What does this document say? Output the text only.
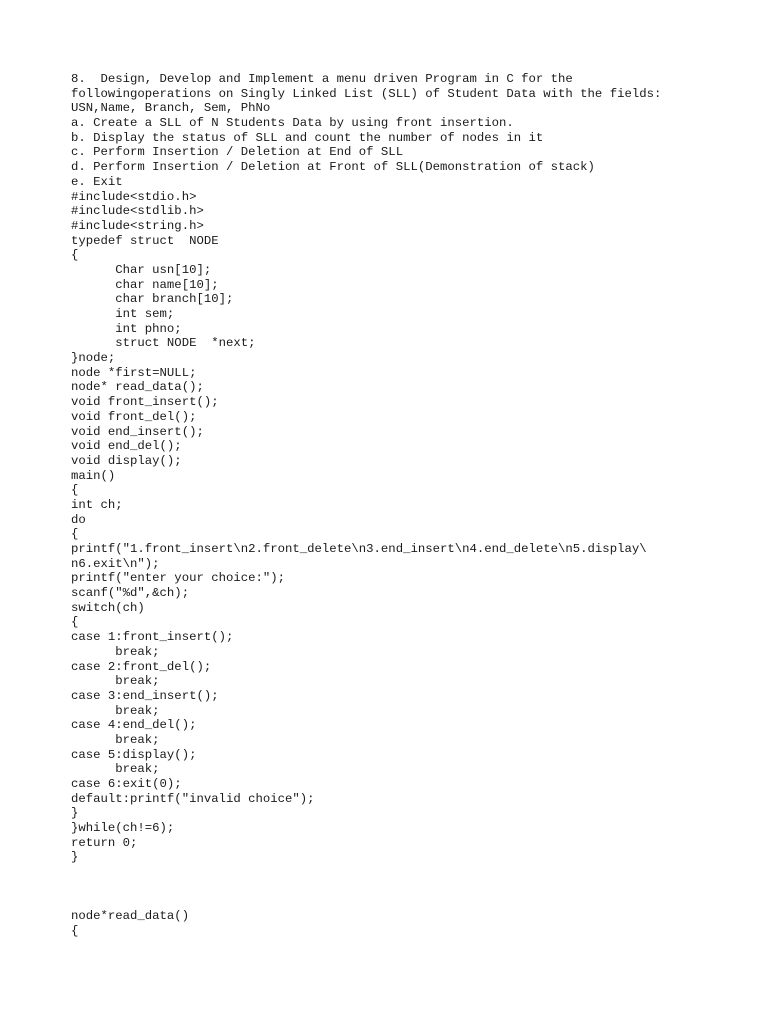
8.  Design, Develop and Implement a menu driven Program in C for the
followingoperations on Singly Linked List (SLL) of Student Data with the fields:
USN,Name, Branch, Sem, PhNo
a. Create a SLL of N Students Data by using front insertion.
b. Display the status of SLL and count the number of nodes in it
c. Perform Insertion / Deletion at End of SLL
d. Perform Insertion / Deletion at Front of SLL(Demonstration of stack)
e. Exit
#include<stdio.h>
#include<stdlib.h>
#include<string.h>
typedef struct  NODE
{
Char usn[10];
char name[10];
char branch[10];
int sem;
int phno;
struct NODE  *next;
}node;
node *first=NULL;
node* read_data();
void front_insert();
void front_del();
void end_insert();
void end_del();
void display();
main()
{
int ch;
do
{
printf("1.front_insert\n2.front_delete\n3.end_insert\n4.end_delete\n5.display\
n6.exit\n");
printf("enter your choice:");
scanf("%d",&ch);
switch(ch)
{
case 1:front_insert();
break;
case 2:front_del();
break;
case 3:end_insert();
break;
case 4:end_del();
break;
case 5:display();
break;
case 6:exit(0);
default:printf("invalid choice");
}
}while(ch!=6);
return 0;
}

node*read_data()
{
